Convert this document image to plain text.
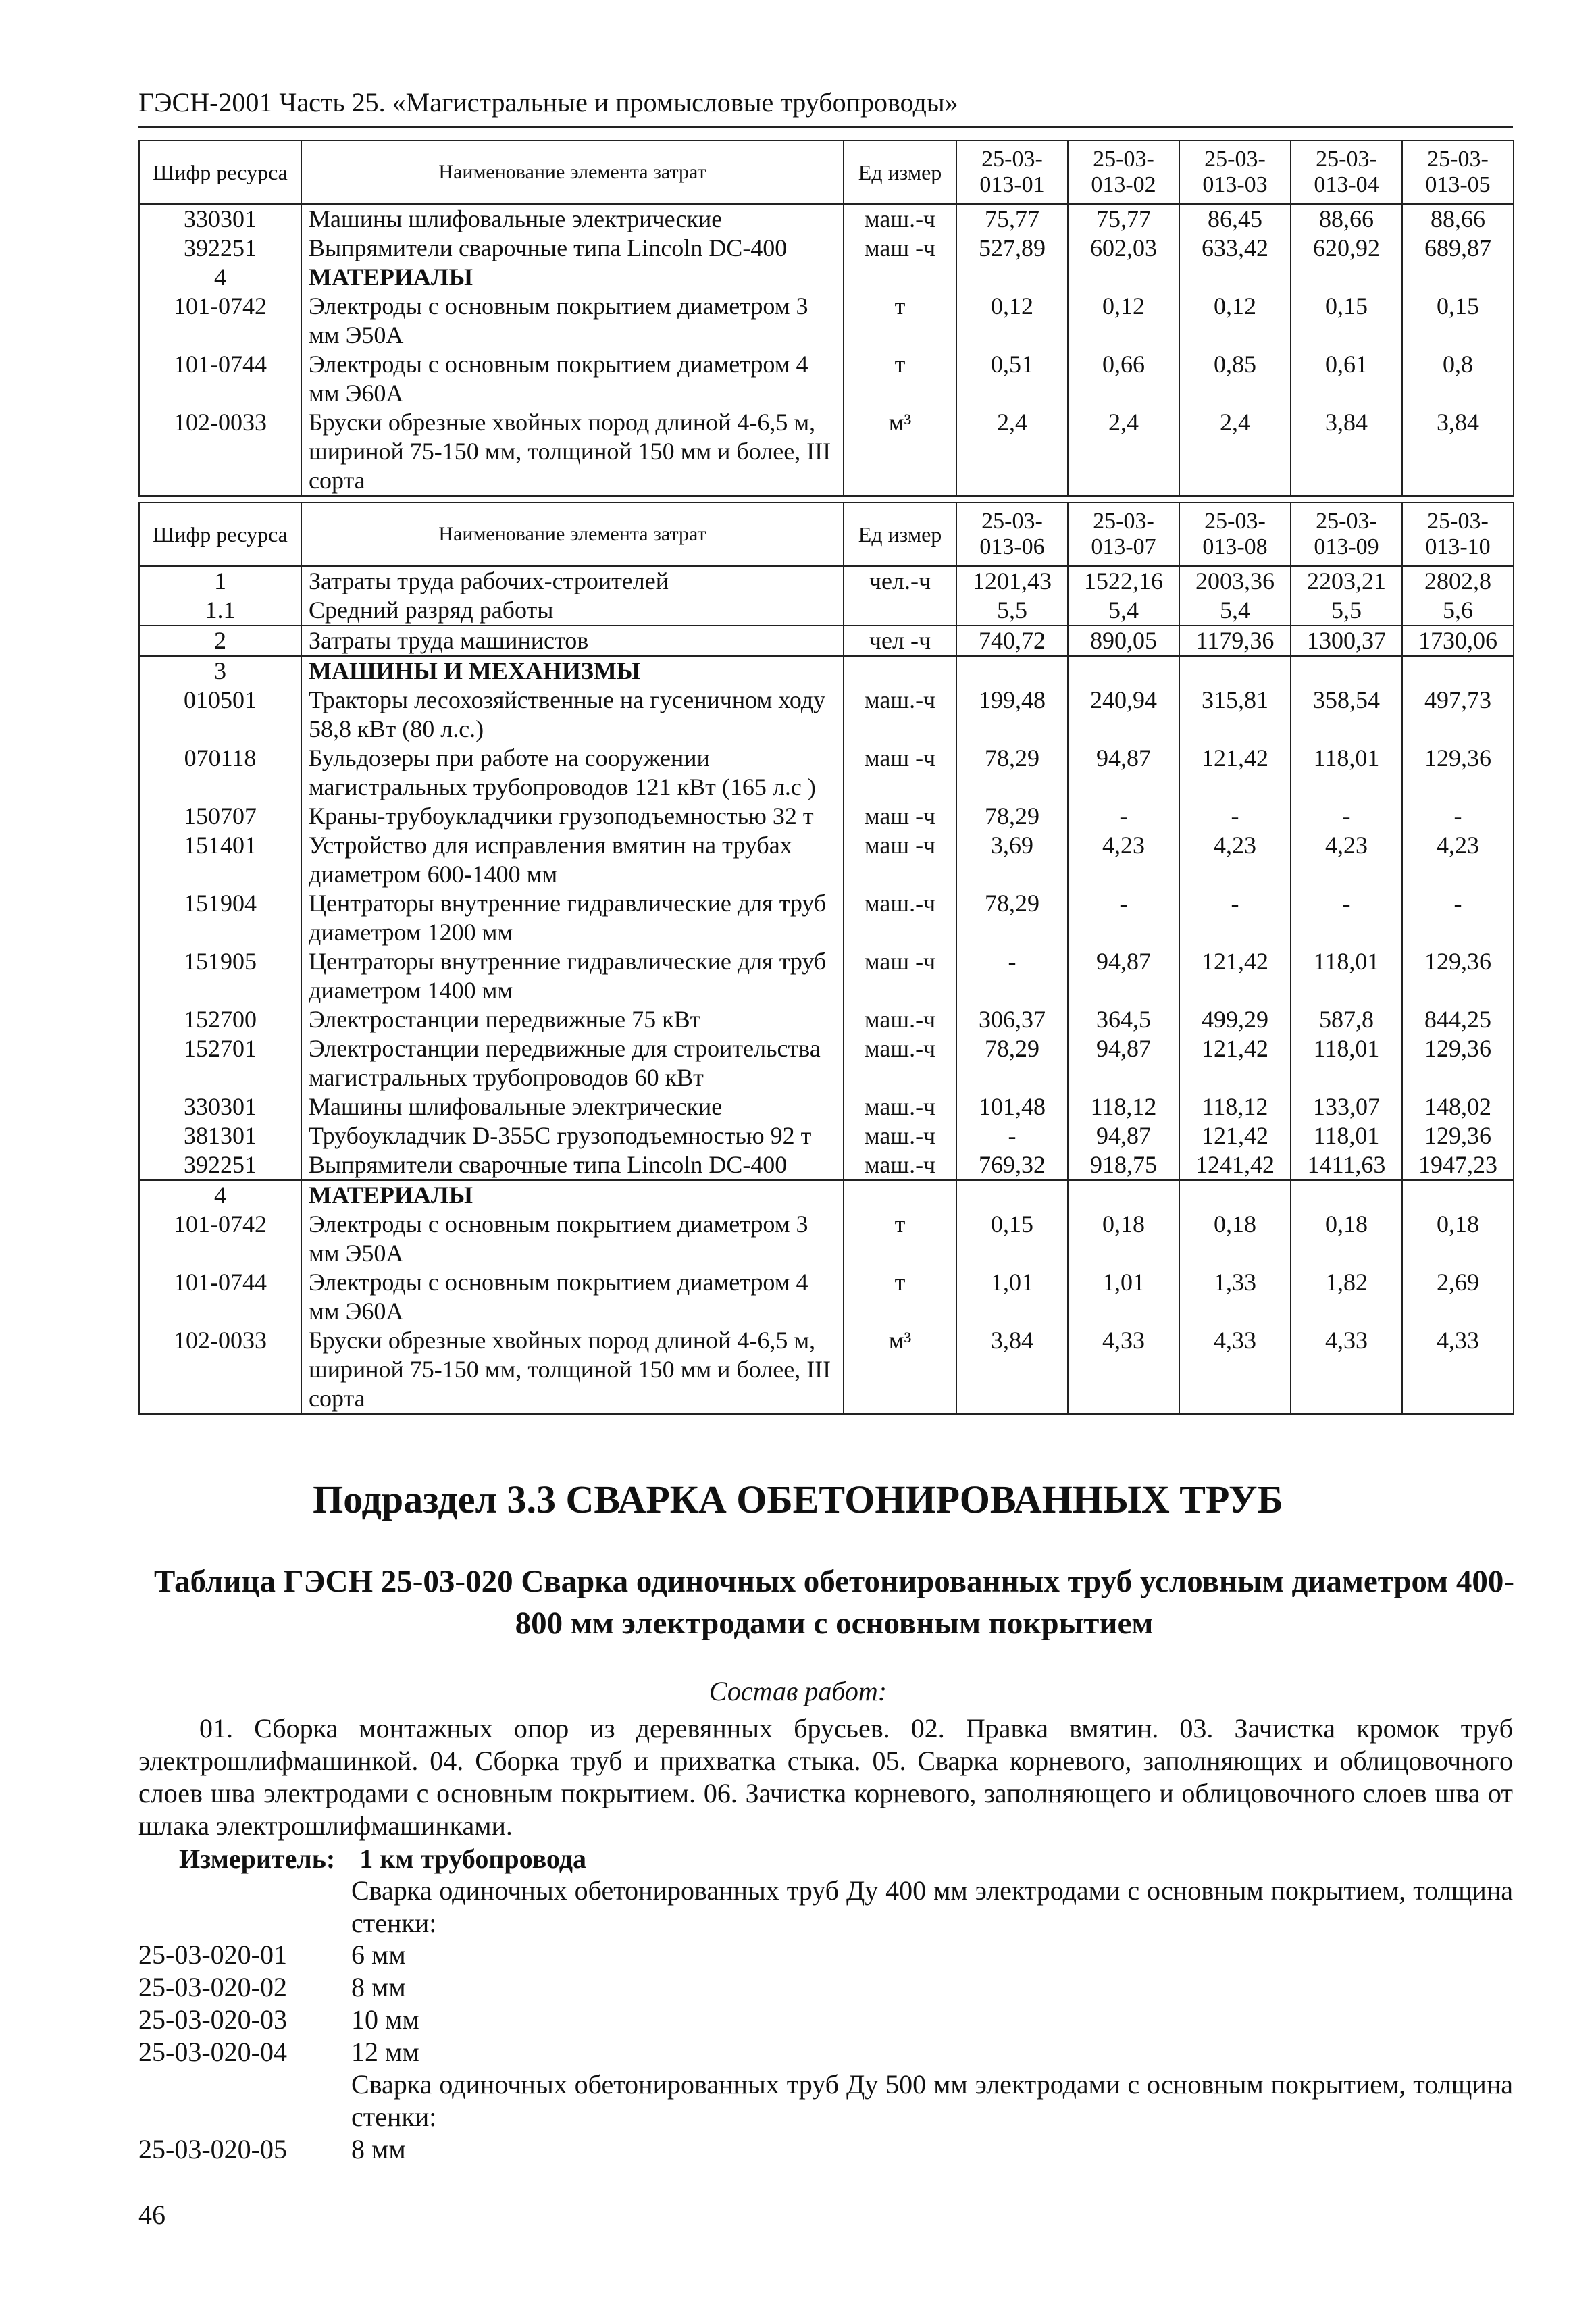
ГЭСН-2001 Часть 25. «Магистральные и промысловые трубопроводы»
Шифр ресурса	Наименование элемента затрат	Ед измер	25-03-013-01	25-03-013-02	25-03-013-03	25-03-013-04	25-03-013-05
330301	Машины шлифовальные электрические	маш.-ч	75,77	75,77	86,45	88,66	88,66
392251	Выпрямители сварочные типа Lincoln DC-400	маш -ч	527,89	602,03	633,42	620,92	689,87
4	МАТЕРИАЛЫ						
101-0742	Электроды с основным покрытием диаметром 3 мм Э50А	т	0,12	0,12	0,12	0,15	0,15
101-0744	Электроды с основным покрытием диаметром 4 мм Э60А	т	0,51	0,66	0,85	0,61	0,8
102-0033	Бруски обрезные хвойных пород длиной 4-6,5 м, шириной 75-150 мм, толщиной 150 мм и более, III сорта	м³	2,4	2,4	2,4	3,84	3,84
Шифр ресурса	Наименование элемента затрат	Ед измер	25-03-013-06	25-03-013-07	25-03-013-08	25-03-013-09	25-03-013-10
1	Затраты труда рабочих-строителей	чел.-ч	1201,43	1522,16	2003,36	2203,21	2802,8
1.1	Средний разряд работы		5,5	5,4	5,4	5,5	5,6
2	Затраты труда машинистов	чел -ч	740,72	890,05	1179,36	1300,37	1730,06
3	МАШИНЫ И МЕХАНИЗМЫ						
010501	Тракторы лесохозяйственные на гусеничном ходу 58,8 кВт (80 л.с.)	маш.-ч	199,48	240,94	315,81	358,54	497,73
070118	Бульдозеры при работе на сооружении магистральных трубопроводов 121 кВт (165 л.с )	маш -ч	78,29	94,87	121,42	118,01	129,36
150707	Краны-трубоукладчики грузоподъемностью 32 т	маш -ч	78,29	-	-	-	-
151401	Устройство для исправления вмятин на трубах диаметром 600-1400 мм	маш -ч	3,69	4,23	4,23	4,23	4,23
151904	Центраторы внутренние гидравлические для труб диаметром 1200 мм	маш.-ч	78,29	-	-	-	-
151905	Центраторы внутренние гидравлические для труб диаметром 1400 мм	маш -ч	-	94,87	121,42	118,01	129,36
152700	Электростанции передвижные 75 кВт	маш.-ч	306,37	364,5	499,29	587,8	844,25
152701	Электростанции передвижные для строительства магистральных трубопроводов 60 кВт	маш.-ч	78,29	94,87	121,42	118,01	129,36
330301	Машины шлифовальные электрические	маш.-ч	101,48	118,12	118,12	133,07	148,02
381301	Трубоукладчик D-355C грузоподъемностью 92 т	маш.-ч	-	94,87	121,42	118,01	129,36
392251	Выпрямители сварочные типа Lincoln DC-400	маш.-ч	769,32	918,75	1241,42	1411,63	1947,23
4	МАТЕРИАЛЫ						
101-0742	Электроды с основным покрытием диаметром 3 мм Э50А	т	0,15	0,18	0,18	0,18	0,18
101-0744	Электроды с основным покрытием диаметром 4 мм Э60А	т	1,01	1,01	1,33	1,82	2,69
102-0033	Бруски обрезные хвойных пород длиной 4-6,5 м, шириной 75-150 мм, толщиной 150 мм и более, III сорта	м³	3,84	4,33	4,33	4,33	4,33
Подраздел 3.3 СВАРКА ОБЕТОНИРОВАННЫХ ТРУБ
Таблица ГЭСН 25-03-020 Сварка одиночных обетонированных труб условным диаметром 400-800 мм электродами с основным покрытием
Состав работ:
01. Сборка монтажных опор из деревянных брусьев. 02. Правка вмятин. 03. Зачистка кромок труб электрошлифмашинкой. 04. Сборка труб и прихватка стыка. 05. Сварка корневого, заполняющих и облицовочного слоев шва электродами с основным покрытием. 06. Зачистка корневого, заполняющего и облицовочного слоев шва от шлака электрошлифмашинками.
Измеритель: 1 км трубопровода
Сварка одиночных обетонированных труб Ду 400 мм электродами с основным покрытием, толщина стенки:
25-03-020-01 6 мм
25-03-020-02 8 мм
25-03-020-03 10 мм
25-03-020-04 12 мм
Сварка одиночных обетонированных труб Ду 500 мм электродами с основным покрытием, толщина стенки:
25-03-020-05 8 мм
46
